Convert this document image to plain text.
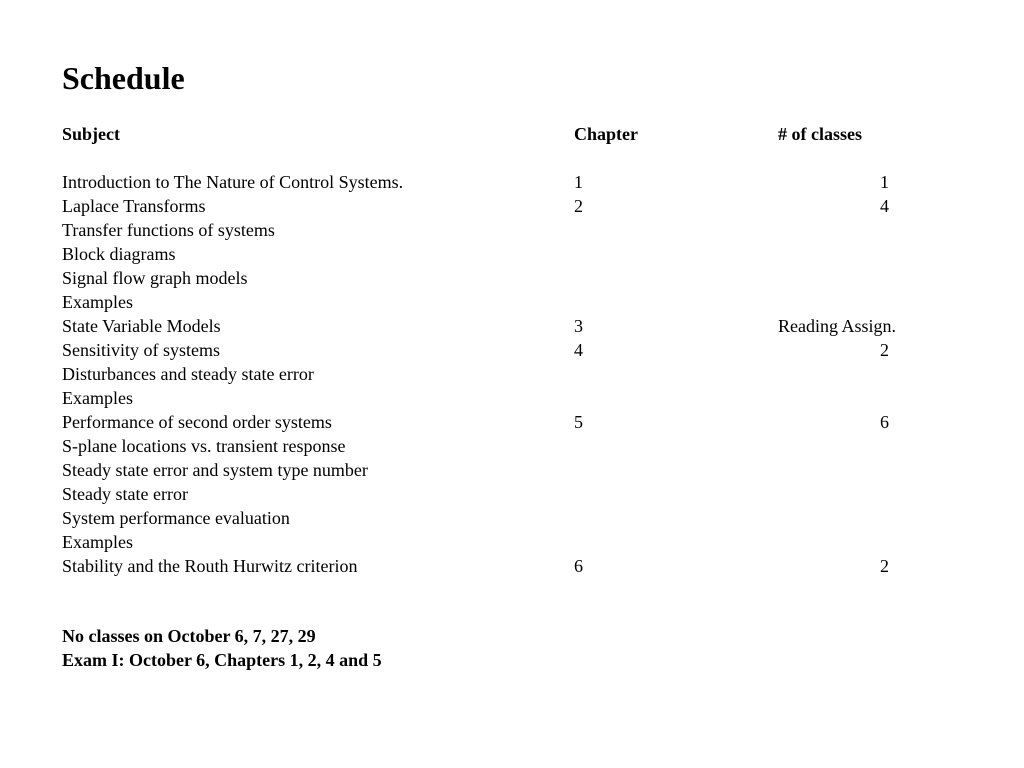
Schedule
Subject	Chapter	# of classes
Introduction to The Nature of Control Systems.	1	1
Laplace Transforms	2	4
Transfer functions of systems
Block diagrams
Signal flow graph models
Examples
State Variable Models	3	Reading Assign.
Sensitivity of systems	4	2
Disturbances and steady state error
Examples
Performance of second order systems	5	6
S-plane locations vs. transient response
Steady state error and system type number
Steady state error
System performance evaluation
Examples
Stability and the Routh Hurwitz criterion	6	2
No classes on October 6, 7, 27, 29
Exam I: October 6, Chapters 1, 2, 4 and 5
